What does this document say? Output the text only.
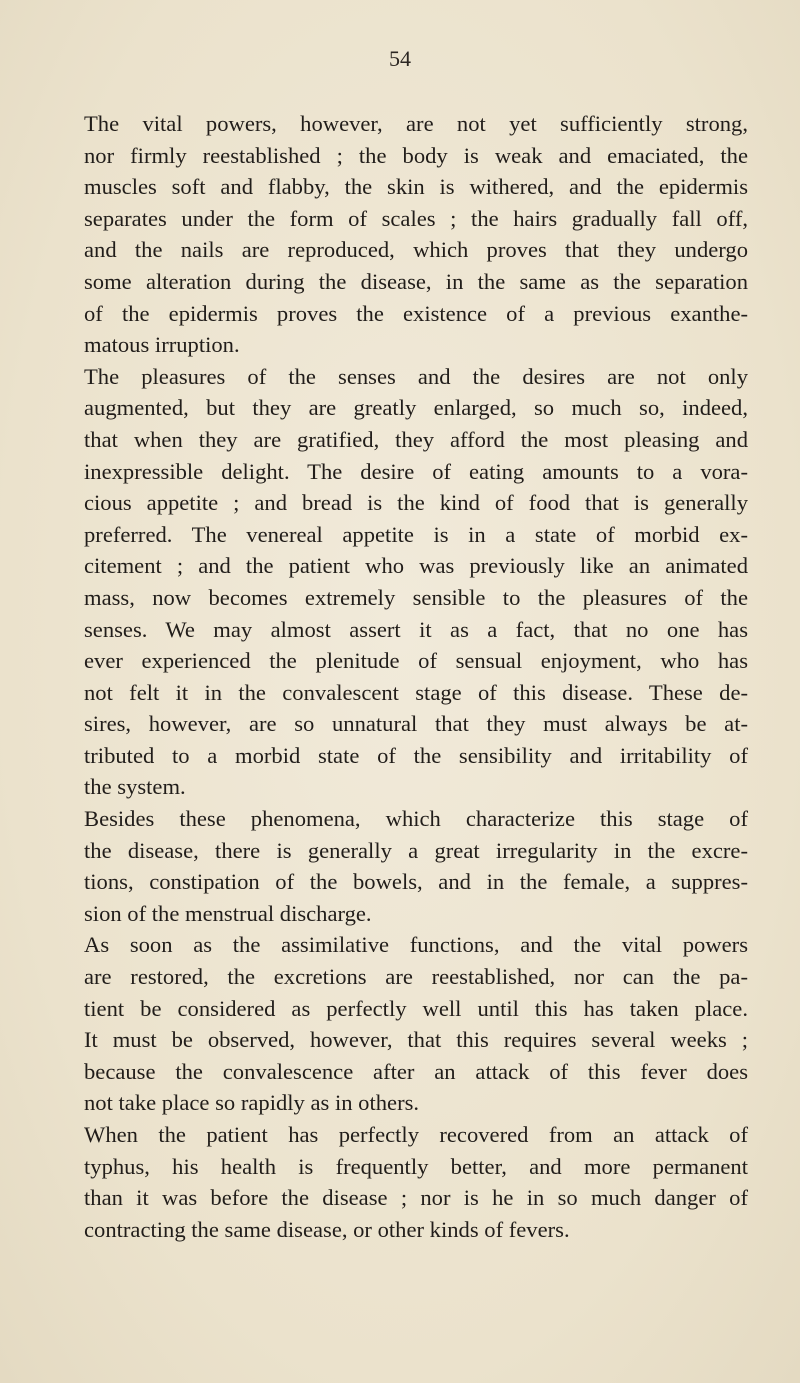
54
The vital powers, however, are not yet sufficiently strong,
nor firmly reestablished ; the body is weak and emaciated, the
muscles soft and flabby, the skin is withered, and the epidermis
separates under the form of scales ; the hairs gradually fall off,
and the nails are reproduced, which proves that they undergo
some alteration during the disease, in the same as the separation
of the epidermis proves the existence of a previous exanthe-
matous irruption.
The pleasures of the senses and the desires are not only
augmented, but they are greatly enlarged, so much so, indeed,
that when they are gratified, they afford the most pleasing and
inexpressible delight. The desire of eating amounts to a vora-
cious appetite ; and bread is the kind of food that is generally
preferred. The venereal appetite is in a state of morbid ex-
citement ; and the patient who was previously like an animated
mass, now becomes extremely sensible to the pleasures of the
senses. We may almost assert it as a fact, that no one has
ever experienced the plenitude of sensual enjoyment, who has
not felt it in the convalescent stage of this disease. These de-
sires, however, are so unnatural that they must always be at-
tributed to a morbid state of the sensibility and irritability of
the system.
Besides these phenomena, which characterize this stage of
the disease, there is generally a great irregularity in the excre-
tions, constipation of the bowels, and in the female, a suppres-
sion of the menstrual discharge.
As soon as the assimilative functions, and the vital powers
are restored, the excretions are reestablished, nor can the pa-
tient be considered as perfectly well until this has taken place.
It must be observed, however, that this requires several weeks ;
because the convalescence after an attack of this fever does
not take place so rapidly as in others.
When the patient has perfectly recovered from an attack of
typhus, his health is frequently better, and more permanent
than it was before the disease ; nor is he in so much danger of
contracting the same disease, or other kinds of fevers.
